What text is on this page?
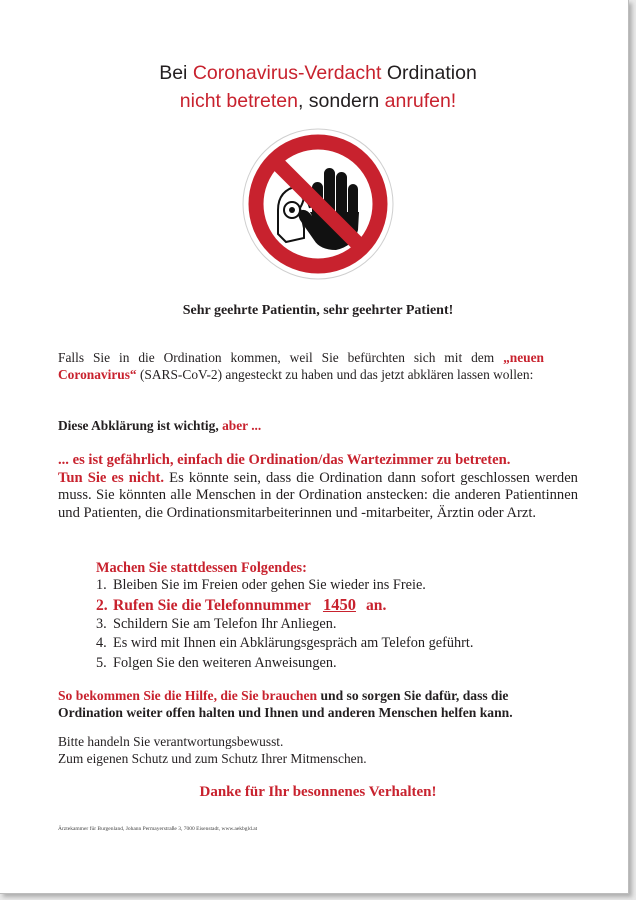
Bei Coronavirus-Verdacht Ordination
nicht betreten, sondern anrufen!
Sehr geehrte Patientin, sehr geehrter Patient!
Falls Sie in die Ordination kommen, weil Sie befürchten sich mit dem „neuen Coronavirus“ (SARS-CoV-2) angesteckt zu haben und das jetzt abklären lassen wollen:
Diese Abklärung ist wichtig, aber ...
... es ist gefährlich, einfach die Ordination/das Wartezimmer zu betreten.
Tun Sie es nicht. Es könnte sein, dass die Ordination dann sofort geschlossen werden muss. Sie könnten alle Menschen in der Ordination anstecken: die anderen Patientinnen und Patienten, die Ordinationsmitarbeiterinnen und -mitarbeiter, Ärztin oder Arzt.
Machen Sie stattdessen Folgendes:
1. Bleiben Sie im Freien oder gehen Sie wieder ins Freie.
2. Rufen Sie die Telefonnummer 1450 an.
3. Schildern Sie am Telefon Ihr Anliegen.
4. Es wird mit Ihnen ein Abklärungsgespräch am Telefon geführt.
5. Folgen Sie den weiteren Anweisungen.
So bekommen Sie die Hilfe, die Sie brauchen und so sorgen Sie dafür, dass die Ordination weiter offen halten und Ihnen und anderen Menschen helfen kann.
Bitte handeln Sie verantwortungsbewusst.
Zum eigenen Schutz und zum Schutz Ihrer Mitmenschen.
Danke für Ihr besonnenes Verhalten!
Ärztekammer für Burgenland, Johann Permayerstraße 3, 7000 Eisenstadt, www.aekbgld.at
